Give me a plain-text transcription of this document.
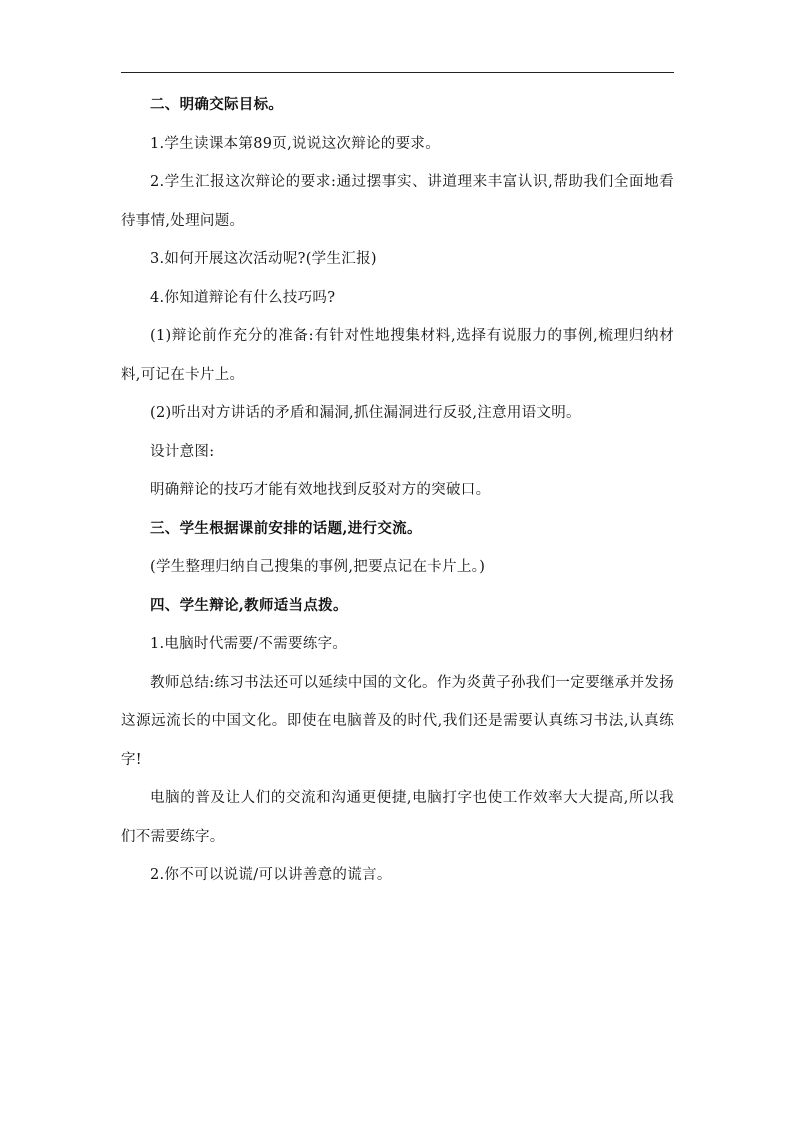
二、明确交际目标。

1.学生读课本第89页,说说这次辩论的要求。

2.学生汇报这次辩论的要求:通过摆事实、讲道理来丰富认识,帮助我们全面地看待事情,处理问题。

3.如何开展这次活动呢?(学生汇报)

4.你知道辩论有什么技巧吗?

(1)辩论前作充分的准备:有针对性地搜集材料,选择有说服力的事例,梳理归纳材料,可记在卡片上。

(2)听出对方讲话的矛盾和漏洞,抓住漏洞进行反驳,注意用语文明。

设计意图:

明确辩论的技巧才能有效地找到反驳对方的突破口。

三、学生根据课前安排的话题,进行交流。

(学生整理归纳自己搜集的事例,把要点记在卡片上。)

四、学生辩论,教师适当点拨。

1.电脑时代需要/不需要练字。

教师总结:练习书法还可以延续中国的文化。作为炎黄子孙我们一定要继承并发扬这源远流长的中国文化。即使在电脑普及的时代,我们还是需要认真练习书法,认真练字!

电脑的普及让人们的交流和沟通更便捷,电脑打字也使工作效率大大提高,所以我们不需要练字。

2.你不可以说谎/可以讲善意的谎言。
